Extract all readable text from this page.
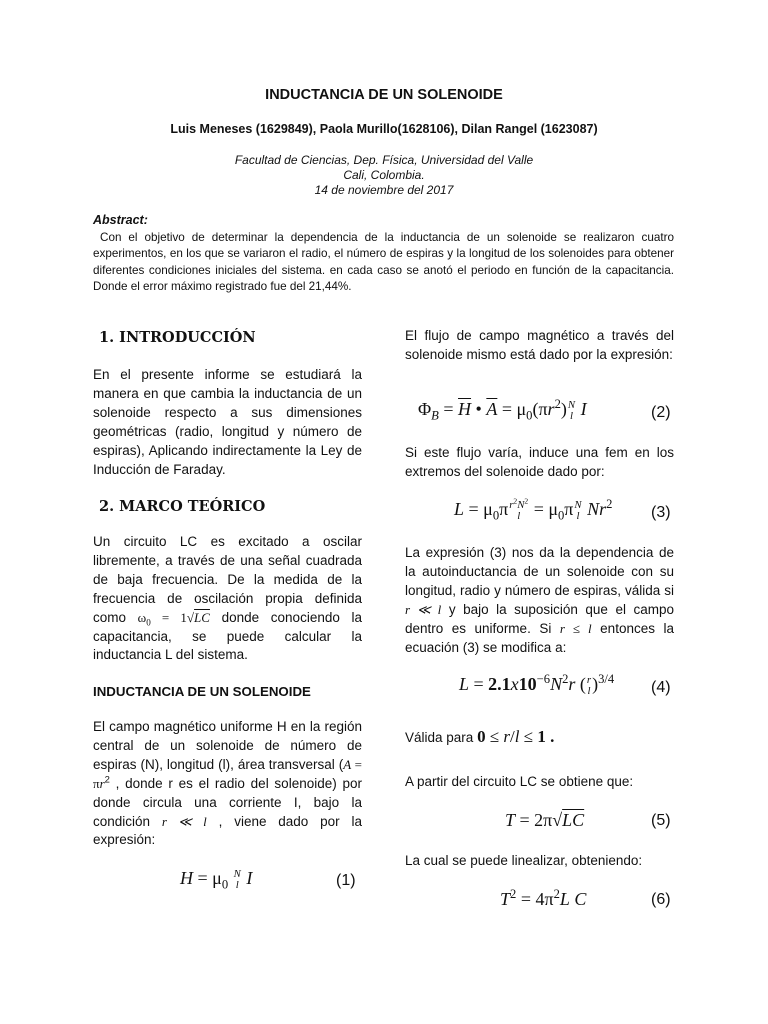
INDUCTANCIA DE UN SOLENOIDE
Luis Meneses (1629849), Paola Murillo(1628106), Dilan Rangel (1623087)
Facultad de Ciencias, Dep. Física, Universidad del Valle
Cali, Colombia.
14 de noviembre del 2017
Abstract:
Con el objetivo de determinar la dependencia de la inductancia de un solenoide se realizaron cuatro experimentos, en los que se variaron el radio, el número de espiras y la longitud de los solenoides para obtener diferentes condiciones iniciales del sistema. en cada caso se anotó el periodo en función de la capacitancia. Donde el error máximo registrado fue del 21,44%.
1. INTRODUCCIÓN
En el presente informe se estudiará la manera en que cambia la inductancia de un solenoide respecto a sus dimensiones geométricas (radio, longitud y número de espiras), Aplicando indirectamente la Ley de Inducción de Faraday.
2. MARCO TEÓRICO
Un circuito LC es excitado a oscilar libremente, a través de una señal cuadrada de baja frecuencia. De la medida de la frecuencia de oscilación propia definida como $\omega_0 = 1√LC$ donde conociendo la capacitancia, se puede calcular la inductancia L del sistema.
INDUCTANCIA DE UN SOLENOIDE
El campo magnético uniforme H en la región central de un solenoide de número de espiras (N), longitud (l), área transversal ($A = \pi r^2$ , donde r es el radio del solenoide) por donde circula una corriente I, bajo la condición r ≪ l , viene dado por la expresión:
$H = \mu_0$
N
l I	(1)
El flujo de campo magnético a través del solenoide mismo está dado por la expresión:
$\Phi_B = \overline{H}$ • $\overline{A} = \mu_0(\pi r^2)$ N
l I	(2)
Si este flujo varía, induce una fem en los extremos del solenoide dado por:
$L = \mu_0\pi$ $r^2N^2$
$l = \mu_0\pi$ N
l Nr$^2$ (3)
La expresión (3) nos da la dependencia de la autoinductancia de un solenoide con su longitud, radio y número de espiras, válida si r ≪ l y bajo la suposición que el campo dentro es uniforme. Si r ≤ l entonces la ecuación (3) se modifica a:
$L = 2.1x10^{-6}N^2r$ ( r
l )$^{3/4}$ (4)
Válida para 0 ≤ r/l ≤ 1 .
A partir del circuito LC se obtiene que:
T = 2π√LC	(5)
La cual se puede linealizar, obteniendo:
$T^2 = 4\pi^2L$ C	(6)
